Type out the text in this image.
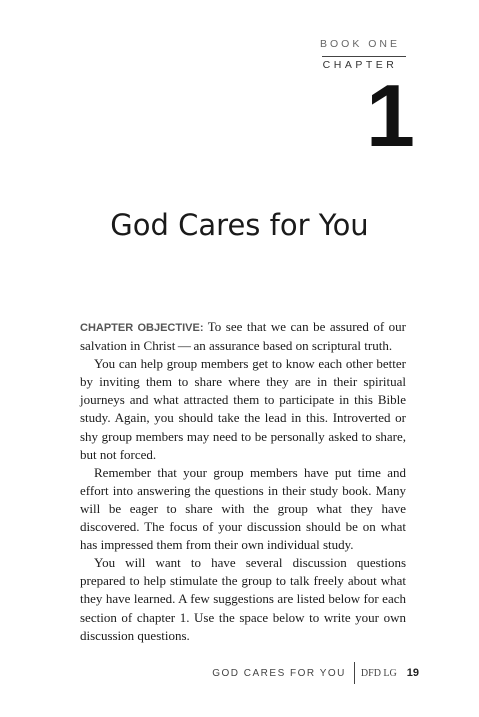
BOOK ONE
CHAPTER
1
God Cares for You

CHAPTER OBJECTIVE: To see that we can be assured of our salvation in Christ — an assurance based on scriptural truth.

You can help group members get to know each other better by inviting them to share where they are in their spiritual journeys and what attracted them to participate in this Bible study. Again, you should take the lead in this. Introverted or shy group members may need to be personally asked to share, but not forced.

Remember that your group members have put time and effort into answering the questions in their study book. Many will be eager to share with the group what they have discovered. The focus of your discussion should be on what has impressed them from their own individual study.

You will want to have several discussion questions prepared to help stimulate the group to talk freely about what they have learned. A few suggestions are listed below for each section of chapter 1. Use the space below to write your own discussion questions.

GOD CARES FOR YOU	DFD LG 19
